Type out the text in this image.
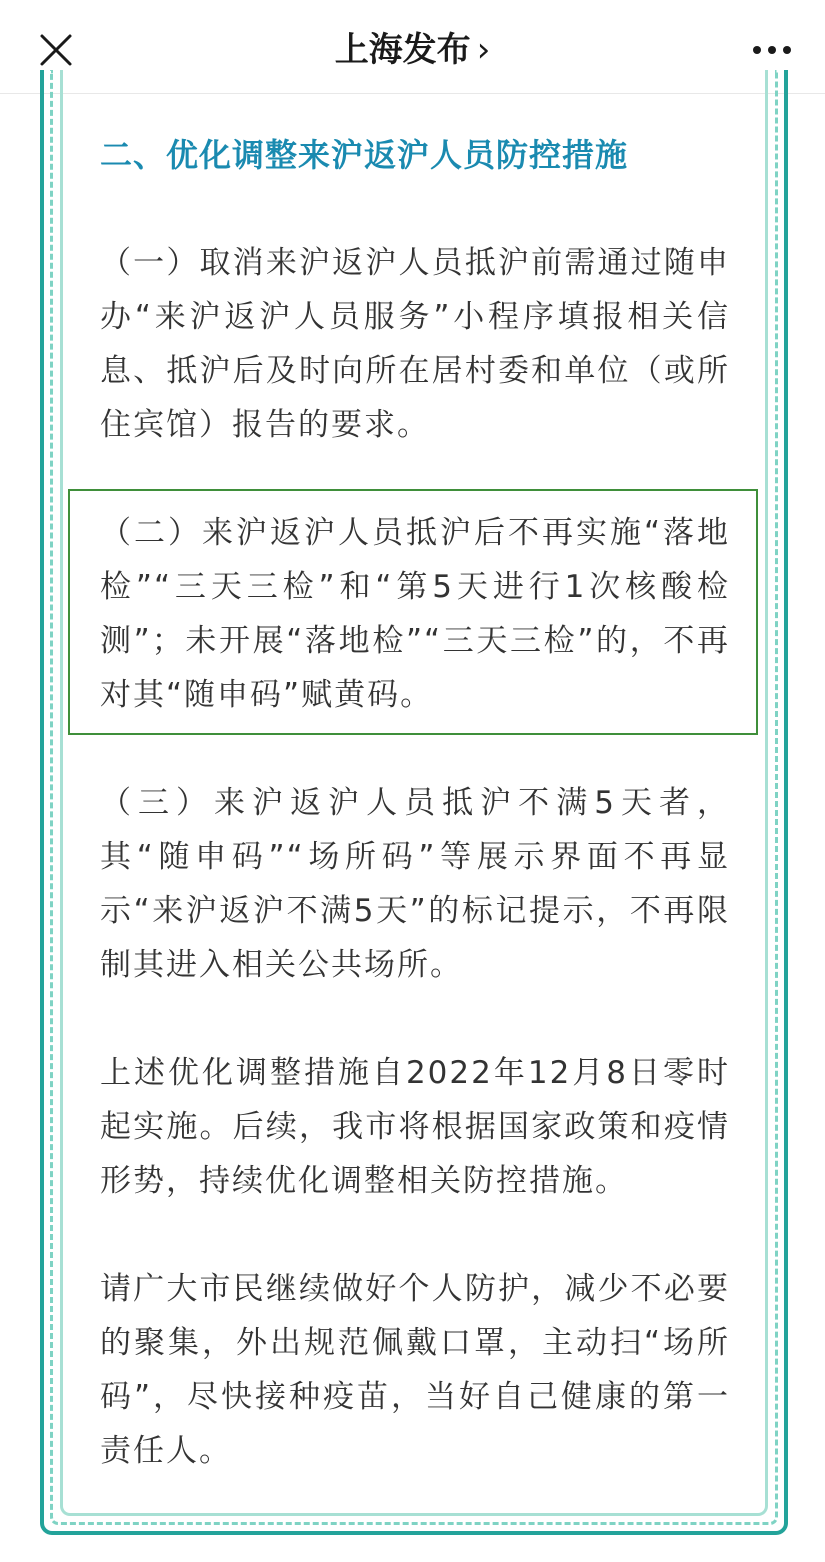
上海发布 ›
二、优化调整来沪返沪人员防控措施

（一）取消来沪返沪人员抵沪前需通过随申办“来沪返沪人员服务”小程序填报相关信息、抵沪后及时向所在居村委和单位（或所住宾馆）报告的要求。

（二）来沪返沪人员抵沪后不再实施“落地检”“三天三检”和“第5天进行1次核酸检测”；未开展“落地检”“三天三检”的，不再对其“随申码”赋黄码。

（三）来沪返沪人员抵沪不满5天者，其“随申码”“场所码”等展示界面不再显示“来沪返沪不满5天”的标记提示，不再限制其进入相关公共场所。

上述优化调整措施自2022年12月8日零时起实施。后续，我市将根据国家政策和疫情形势，持续优化调整相关防控措施。

请广大市民继续做好个人防护，减少不必要的聚集，外出规范佩戴口罩，主动扫“场所码”，尽快接种疫苗，当好自己健康的第一责任人。
